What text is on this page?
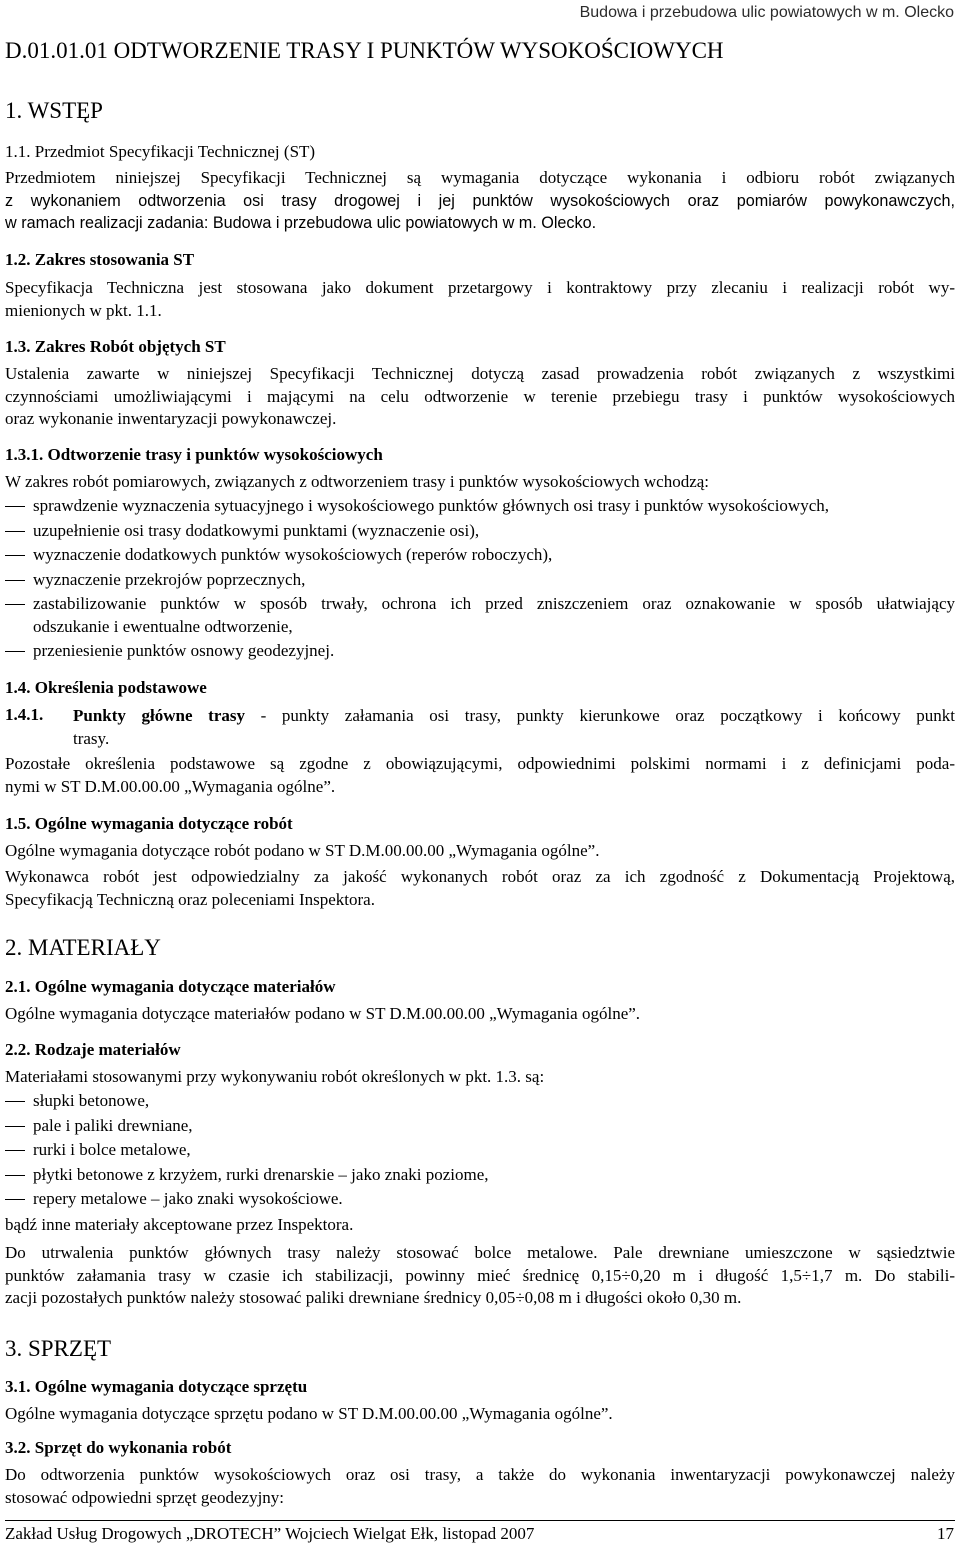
Budowa i przebudowa ulic powiatowych w m. Olecko
D.01.01.01 ODTWORZENIE TRASY I PUNKTÓW WYSOKOŚCIOWYCH
1. WSTĘP
1.1. Przedmiot Specyfikacji Technicznej (ST)
Przedmiotem niniejszej Specyfikacji Technicznej są wymagania dotyczące wykonania i odbioru robót związanych
z wykonaniem odtworzenia osi trasy drogowej i jej punktów wysokościowych oraz pomiarów powykonawczych,
w ramach realizacji zadania: Budowa i przebudowa ulic powiatowych w m. Olecko.
1.2. Zakres stosowania ST
Specyfikacja Techniczna jest stosowana jako dokument przetargowy i kontraktowy przy zlecaniu i realizacji robót wy-
mienionych w pkt. 1.1.
1.3. Zakres Robót objętych ST
Ustalenia zawarte w niniejszej Specyfikacji Technicznej dotyczą zasad prowadzenia robót związanych z wszystkimi
czynnościami umożliwiającymi i mającymi na celu odtworzenie w terenie przebiegu trasy i punktów wysokościowych
oraz wykonanie inwentaryzacji powykonawczej.
1.3.1. Odtworzenie trasy i punktów wysokościowych
W zakres robót pomiarowych, związanych z odtworzeniem trasy i punktów wysokościowych wchodzą:
sprawdzenie wyznaczenia sytuacyjnego i wysokościowego punktów głównych osi trasy i punktów wysokościowych,
uzupełnienie osi trasy dodatkowymi punktami (wyznaczenie osi),
wyznaczenie dodatkowych punktów wysokościowych (reperów roboczych),
wyznaczenie przekrojów poprzecznych,
zastabilizowanie punktów w sposób trwały, ochrona ich przed zniszczeniem oraz oznakowanie w sposób ułatwiający
odszukanie i ewentualne odtworzenie,
przeniesienie punktów osnowy geodezyjnej.
1.4. Określenia podstawowe
1.4.1. Punkty główne trasy - punkty załamania osi trasy, punkty kierunkowe oraz początkowy i końcowy punkt
trasy.
Pozostałe określenia podstawowe są zgodne z obowiązującymi, odpowiednimi polskimi normami i z definicjami poda-
nymi w ST D.M.00.00.00 „Wymagania ogólne”.
1.5. Ogólne wymagania dotyczące robót
Ogólne wymagania dotyczące robót podano w ST D.M.00.00.00 „Wymagania ogólne”.
Wykonawca robót jest odpowiedzialny za jakość wykonanych robót oraz za ich zgodność z Dokumentacją Projektową,
Specyfikacją Techniczną oraz poleceniami Inspektora.
2. MATERIAŁY
2.1. Ogólne wymagania dotyczące materiałów
Ogólne wymagania dotyczące materiałów podano w ST D.M.00.00.00 „Wymagania ogólne”.
2.2. Rodzaje materiałów
Materiałami stosowanymi przy wykonywaniu robót określonych w pkt. 1.3. są:
słupki betonowe,
pale i paliki drewniane,
rurki i bolce metalowe,
płytki betonowe z krzyżem, rurki drenarskie – jako znaki poziome,
repery metalowe – jako znaki wysokościowe.
bądź inne materiały akceptowane przez Inspektora.
Do utrwalenia punktów głównych trasy należy stosować bolce metalowe. Pale drewniane umieszczone w sąsiedztwie
punktów załamania trasy w czasie ich stabilizacji, powinny mieć średnicę 0,15÷0,20 m i długość 1,5÷1,7 m. Do stabili-
zacji pozostałych punktów należy stosować paliki drewniane średnicy 0,05÷0,08 m i długości około 0,30 m.
3. SPRZĘT
3.1. Ogólne wymagania dotyczące sprzętu
Ogólne wymagania dotyczące sprzętu podano w ST D.M.00.00.00 „Wymagania ogólne”.
3.2. Sprzęt do wykonania robót
Do odtworzenia punktów wysokościowych oraz osi trasy, a także do wykonania inwentaryzacji powykonawczej należy
stosować odpowiedni sprzęt geodezyjny:
Zakład Usług Drogowych „DROTECH” Wojciech Wielgat Ełk, listopad 2007	17
